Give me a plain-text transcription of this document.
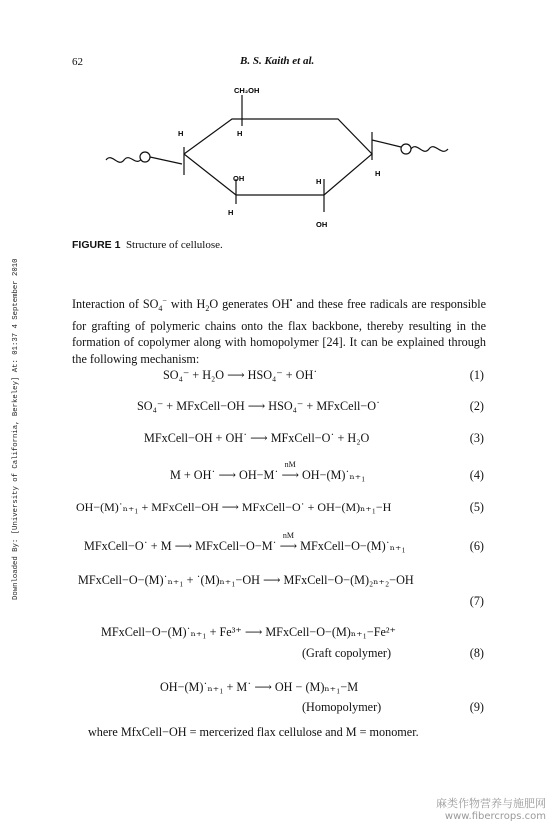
62	B. S. Kaith et al.
Downloaded By: [University of California, Berkeley] At: 01:37 4 September 2010
CH₂OH
H	H
OH	H
H
OH
H
FIGURE 1 Structure of cellulose.
Interaction of $SO_4^-$ with $H_2O$ generates OH• and these free radicals are responsible for grafting of polymeric chains onto the flax backbone, thereby resulting in the formation of copolymer along with homopolymer [24]. It can be explained through the following mechanism:
SO₄⁻ + H₂O ⟶ HSO₄⁻ + OH˙	(1)
SO₄⁻ + MFxCell−OH ⟶ HSO₄⁻ + MFxCell−O˙	(2)
MFxCell−OH + OH˙ ⟶ MFxCell−O˙ + H₂O	(3)
M + OH˙ ⟶ OH−M˙
nM
⟶ OH−(M)˙ₙ₊₁	(4)
OH−(M)˙ₙ₊₁ + MFxCell−OH ⟶ MFxCell−O˙ + OH−(M)ₙ₊₁−H	(5)
MFxCell−O˙ + M ⟶ MFxCell−O−M˙
nM
⟶ MFxCell−O−(M)˙ₙ₊₁	(6)
MFxCell−O−(M)˙ₙ₊₁ + ˙(M)ₙ₊₁−OH ⟶ MFxCell−O−(M)₂ₙ₊₂−OH
(7)
MFxCell−O−(M)˙ₙ₊₁ + Fe³⁺ ⟶ MFxCell−O−(M)ₙ₊₁−Fe²⁺
(Graft copolymer)	(8)
OH−(M)˙ₙ₊₁ + M˙ ⟶ OH − (M)ₙ₊₁−M
(Homopolymer)	(9)
where MfxCell−OH = mercerized flax cellulose and M = monomer.
麻类作物营养与施肥网
www.fibercrops.com
